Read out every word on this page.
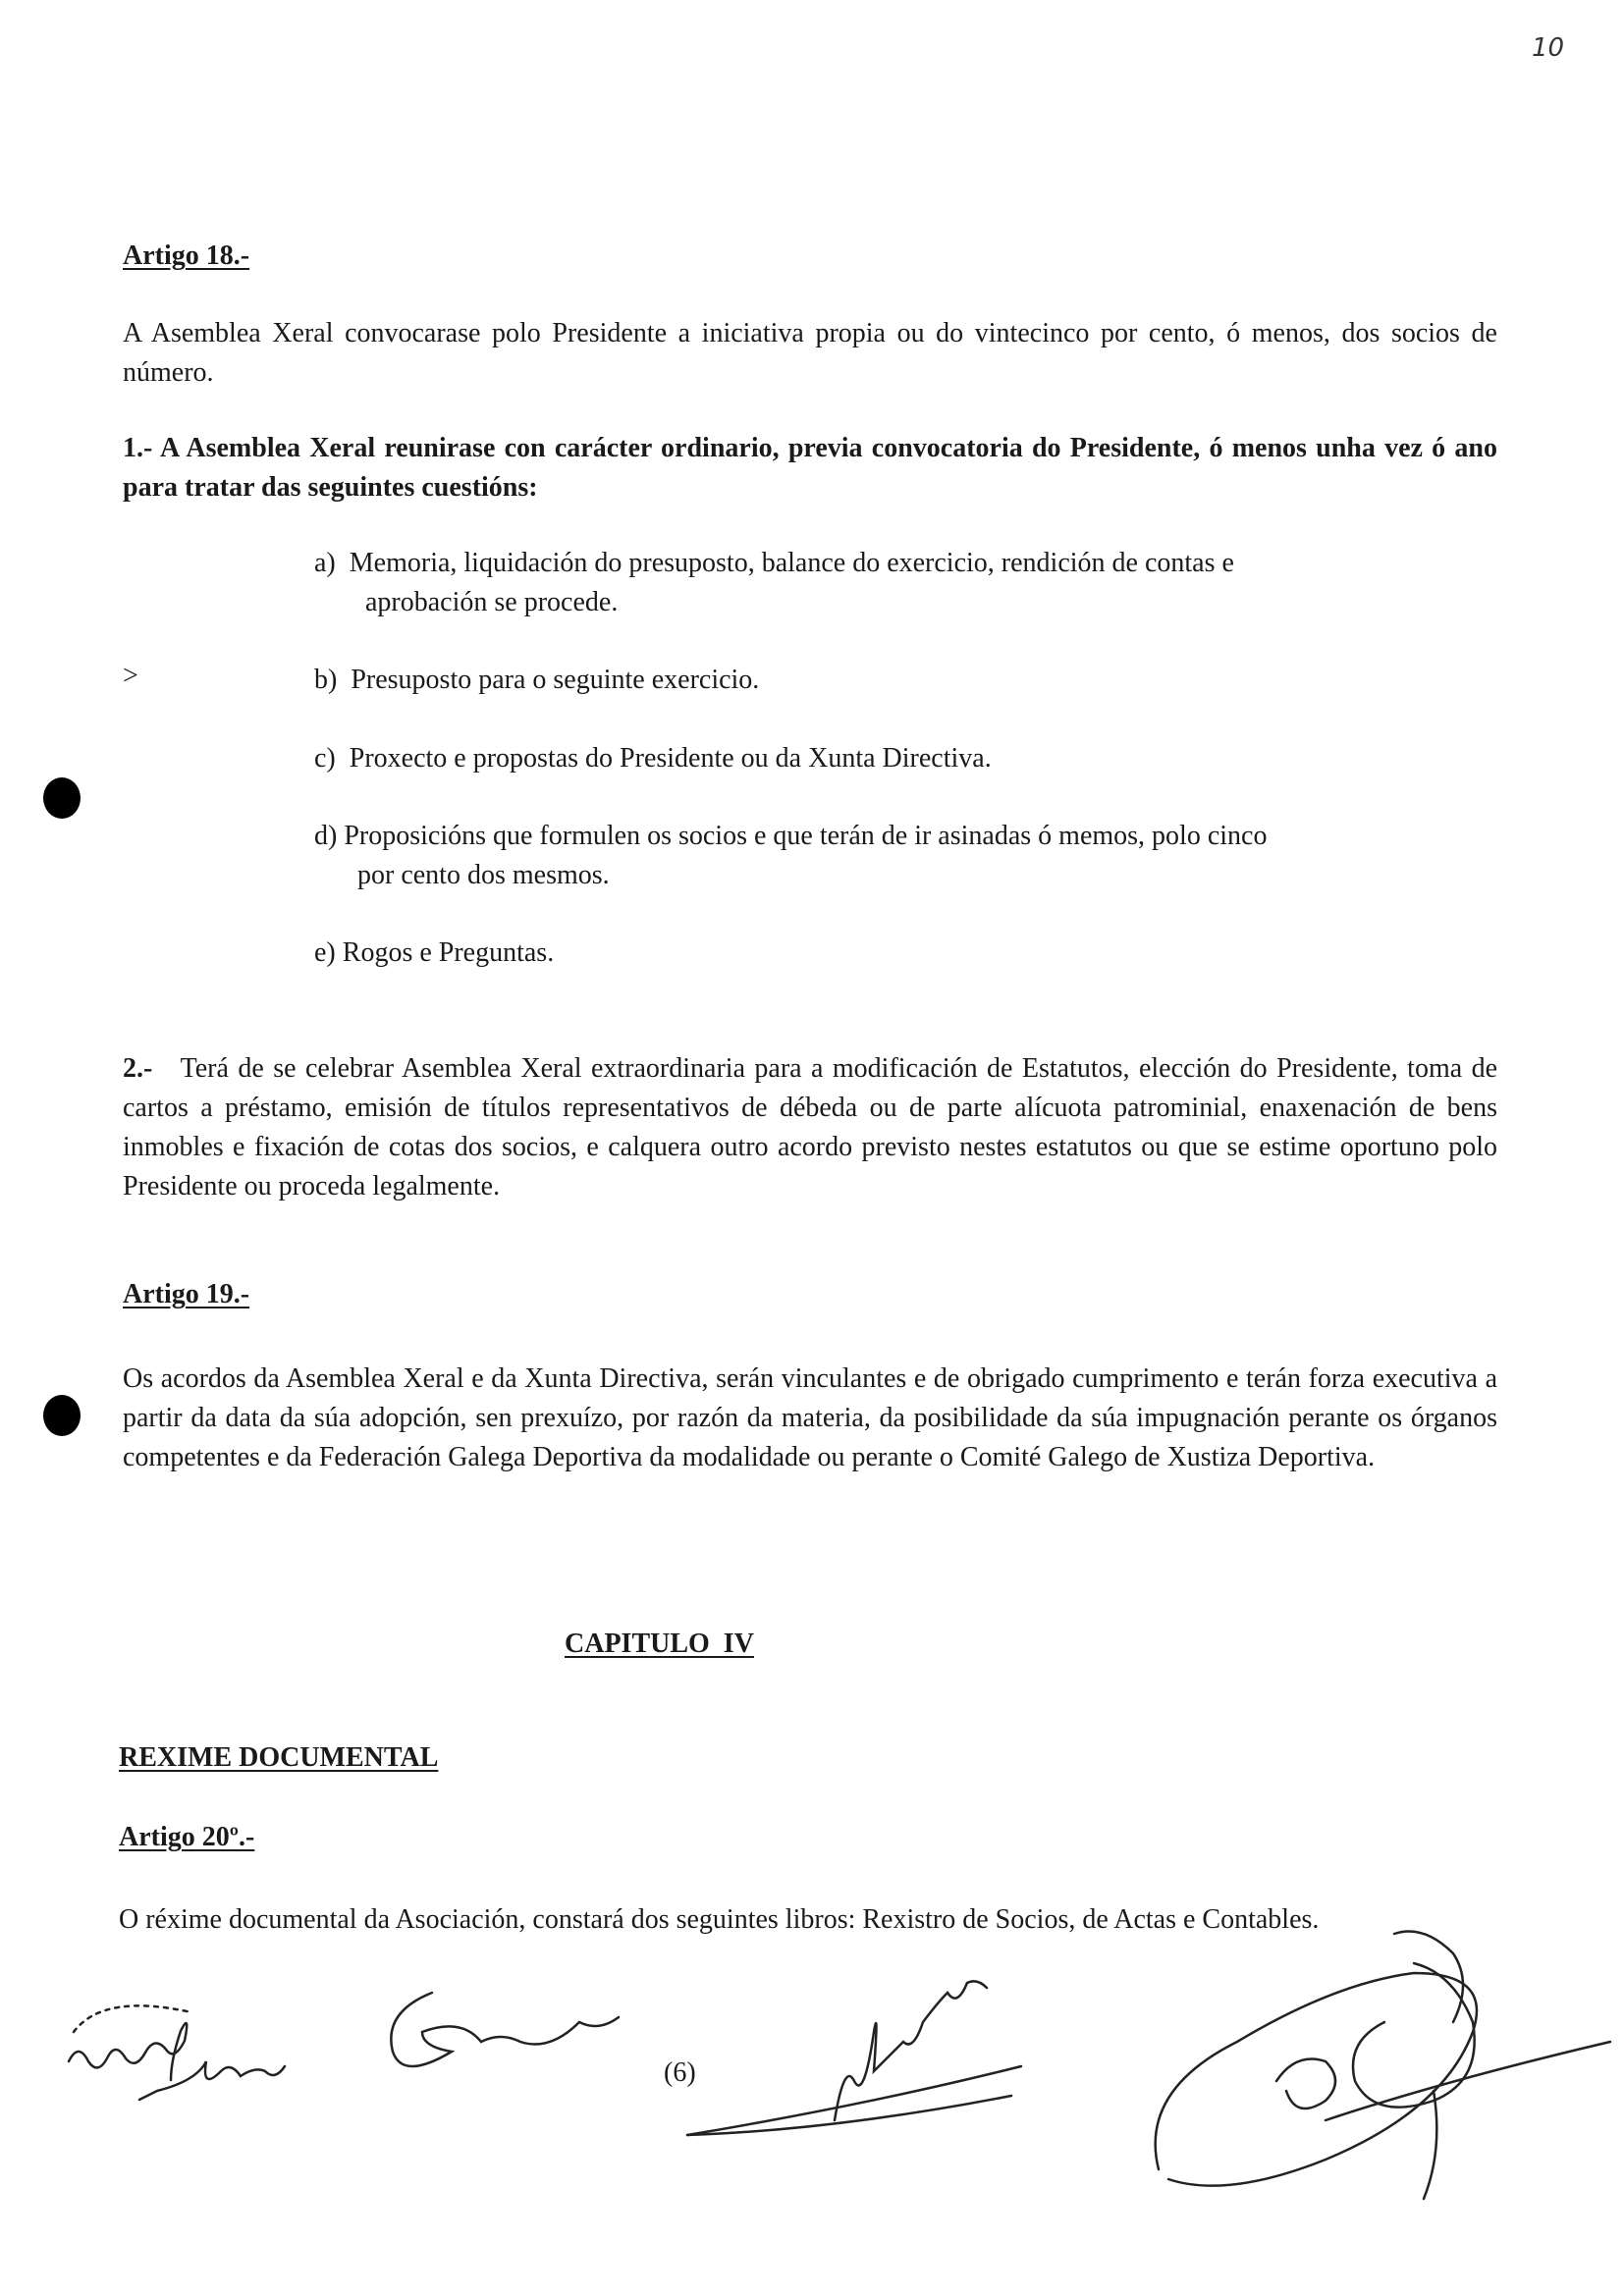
10
Artigo 18.-
A Asemblea Xeral convocarase polo Presidente a iniciativa propia ou do vintecinco por cento, ó menos, dos socios de número.
1.- A Asemblea Xeral reunirase con carácter ordinario, previa convocatoria do Presidente, ó menos unha vez ó ano para tratar das seguintes cuestións:
>
a) Memoria, liquidación do presuposto, balance do exercicio, rendición de contas e
aprobación se procede.
b) Presuposto para o seguinte exercicio.
c) Proxecto e propostas do Presidente ou da Xunta Directiva.
d) Proposicións que formulen os socios e que terán de ir asinadas ó memos, polo cinco
por cento dos mesmos.
e) Rogos e Preguntas.
2.- Terá de se celebrar Asemblea Xeral extraordinaria para a modificación de Estatutos, elección do Presidente, toma de cartos a préstamo, emisión de títulos representativos de débeda ou de parte alícuota patrominial, enaxenación de bens inmobles e fixación de cotas dos socios, e calquera outro acordo previsto nestes estatutos ou que se estime oportuno polo Presidente ou proceda legalmente.
Artigo 19.-
Os acordos da Asemblea Xeral e da Xunta Directiva, serán vinculantes e de obrigado cumprimento e terán forza executiva a partir da data da súa adopción, sen prexuízo, por razón da materia, da posibilidade da súa impugnación perante os órganos competentes e da Federación Galega Deportiva da modalidade ou perante o Comité Galego de Xustiza Deportiva.
CAPITULO  IV
REXIME DOCUMENTAL
Artigo 20º.-
O réxime documental da Asociación, constará dos seguintes libros: Rexistro de Socios, de Actas e Contables.
(6)
